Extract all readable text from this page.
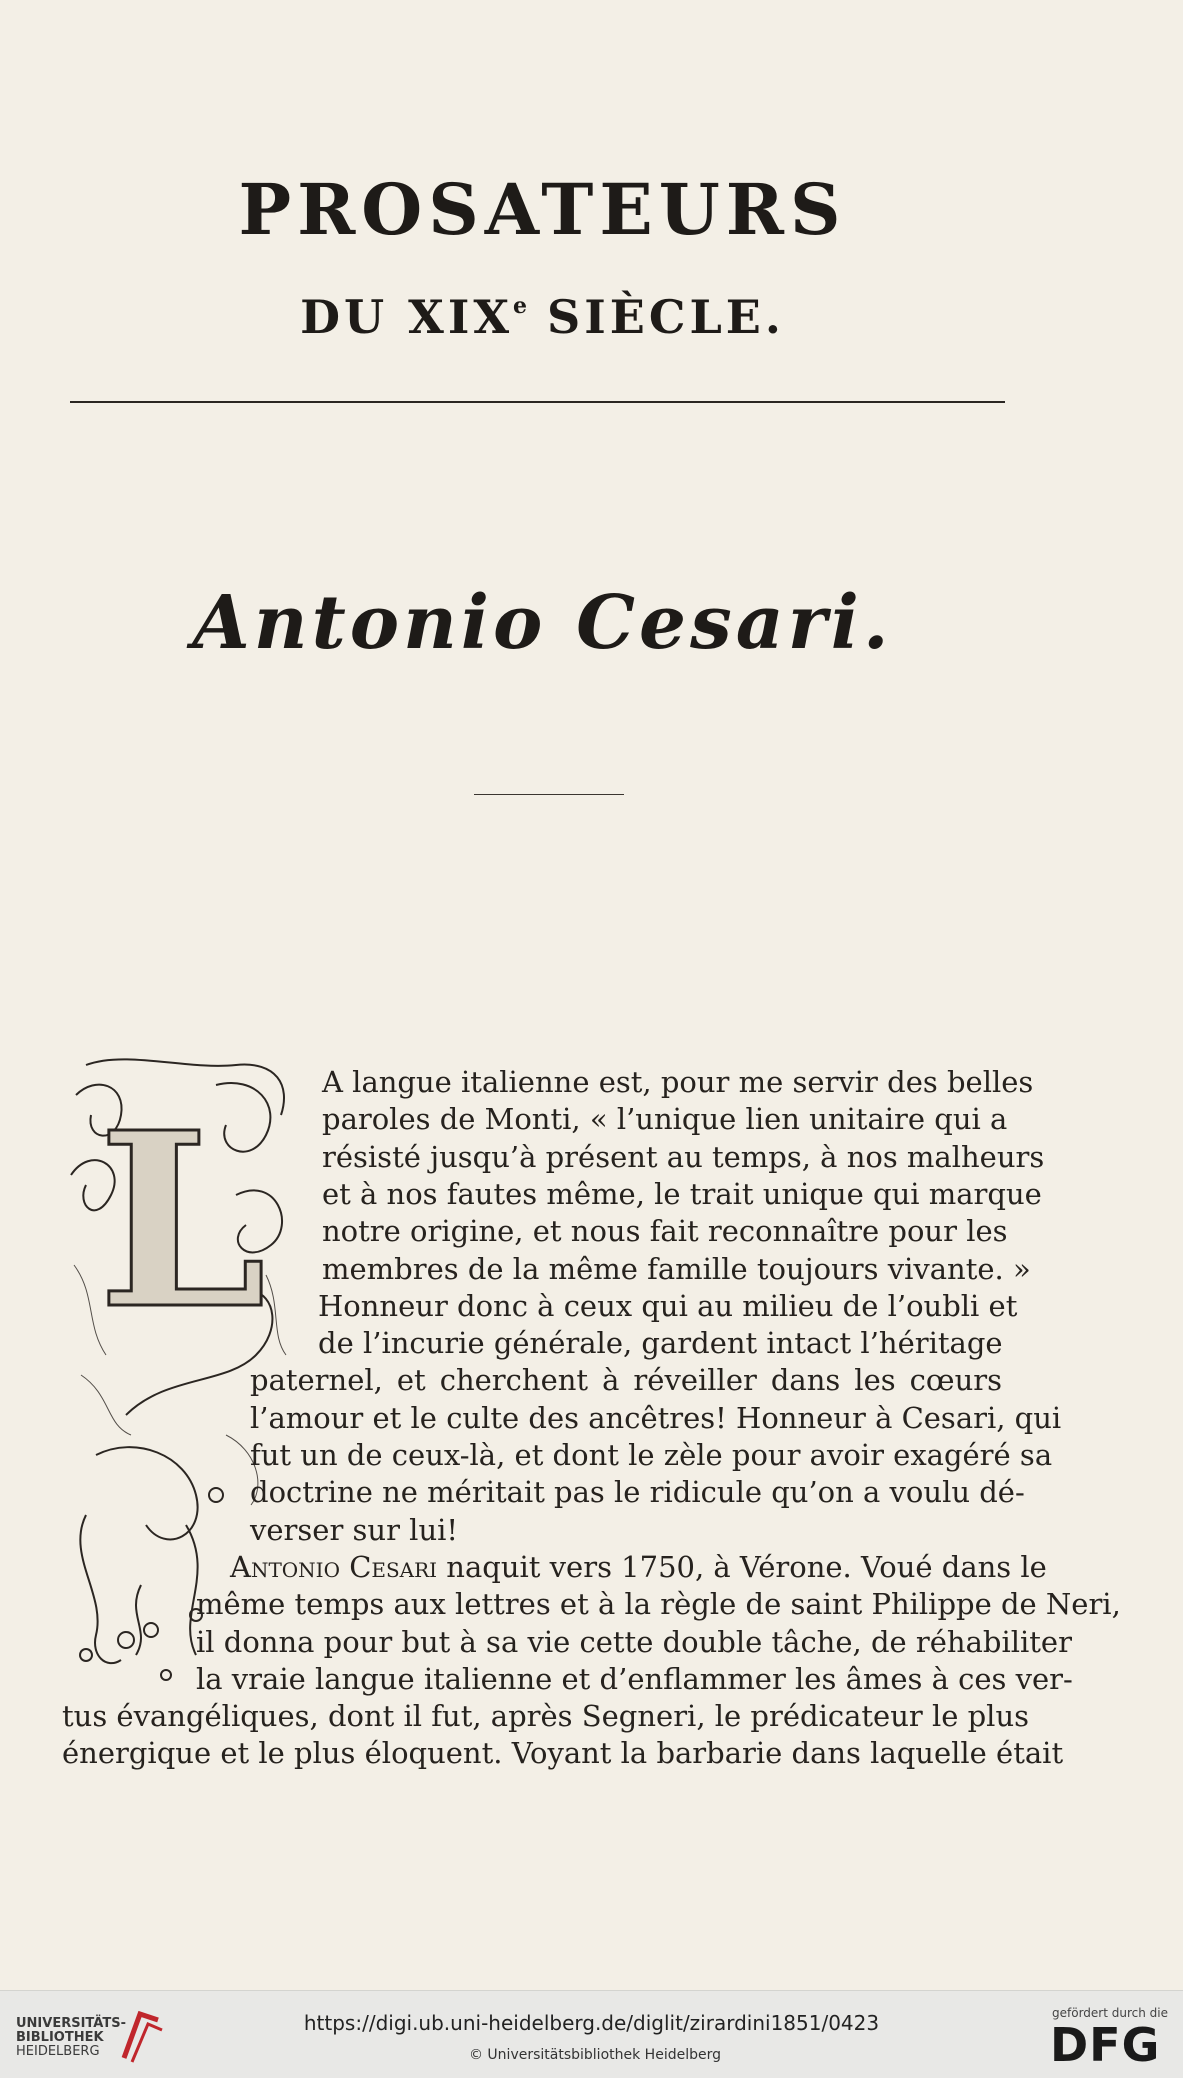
PROSATEURS
DU XIXe SIÈCLE.
Antonio Cesari.
L A langue italienne est, pour me servir des belles
paroles de Monti, « l’unique lien unitaire qui a
résisté jusqu’à présent au temps, à nos malheurs
et à nos fautes même, le trait unique qui marque
notre origine, et nous fait reconnaître pour les
membres de la même famille toujours vivante. »
Honneur donc à ceux qui au milieu de l’oubli et
de l’incurie générale, gardent intact l’héritage
paternel, et cherchent à réveiller dans les cœurs
l’amour et le culte des ancêtres! Honneur à Cesari, qui
fut un de ceux-là, et dont le zèle pour avoir exagéré sa
doctrine ne méritait pas le ridicule qu’on a voulu dé-
verser sur lui!
Antonio Cesari naquit vers 1750, à Vérone. Voué dans le
même temps aux lettres et à la règle de saint Philippe de Neri,
il donna pour but à sa vie cette double tâche, de réhabiliter
la vraie langue italienne et d’enflammer les âmes à ces ver-
tus évangéliques, dont il fut, après Segneri, le prédicateur le plus
énergique et le plus éloquent. Voyant la barbarie dans laquelle était
UNIVERSITÄTS-
BIBLIOTHEK
HEIDELBERG
https://digi.ub.uni-heidelberg.de/diglit/zirardini1851/0423
© Universitätsbibliothek Heidelberg
gefördert durch die
DFG
